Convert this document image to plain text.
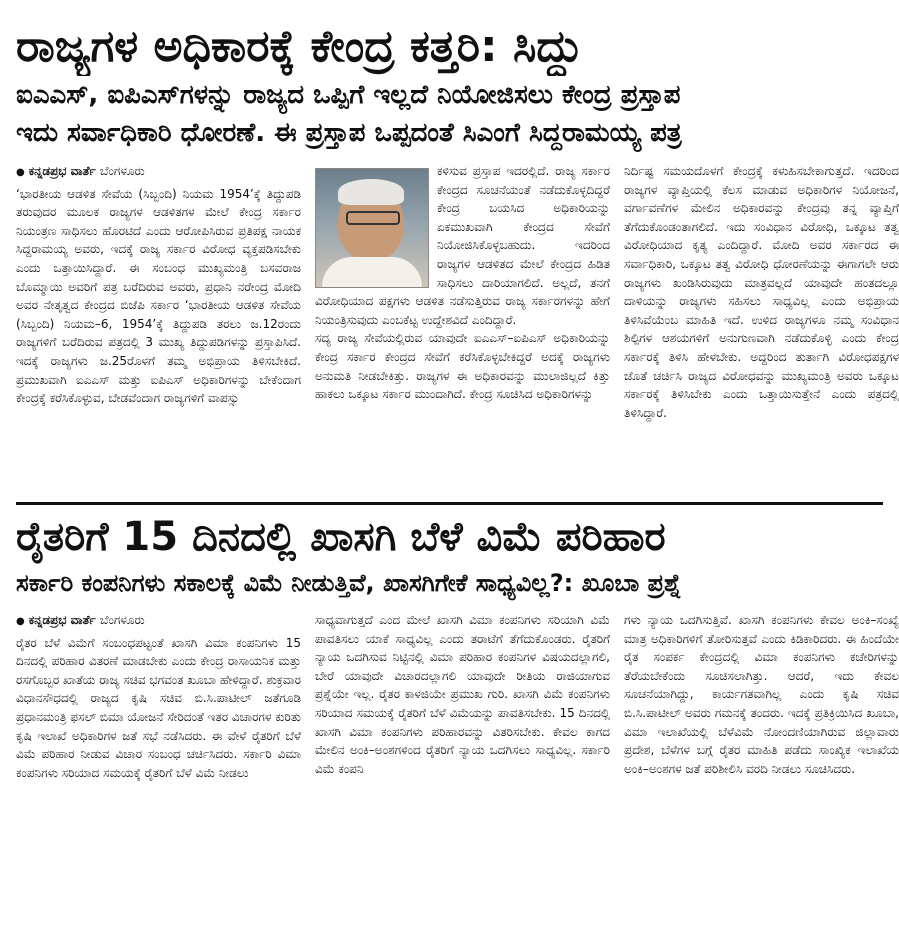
ರಾಜ್ಯಗಳ ಅಧಿಕಾರಕ್ಕೆ ಕೇಂದ್ರ ಕತ್ತರಿ: ಸಿದ್ದು
ಐಎಎಸ್, ಐಪಿಎಸ್‌ಗಳನ್ನು ರಾಜ್ಯದ ಒಪ್ಪಿಗೆ ಇಲ್ಲದೆ ನಿಯೋಜಿಸಲು ಕೇಂದ್ರ ಪ್ರಸ್ತಾಪ
ಇದು ಸರ್ವಾಧಿಕಾರಿ ಧೋರಣೆ. ಈ ಪ್ರಸ್ತಾಪ ಒಪ್ಪದಂತೆ ಸಿಎಂಗೆ ಸಿದ್ದರಾಮಯ್ಯ ಪತ್ರ
● ಕನ್ನಡಪ್ರಭ ವಾರ್ತೆ ಬೆಂಗಳೂರು

‘ಭಾರತೀಯ ಆಡಳಿತ ಸೇವೆಯ (ಸಿಬ್ಬಂದಿ) ನಿಯಮ 1954’ಕ್ಕೆ ತಿದ್ದುಪಡಿ ತರುವುದರ ಮೂಲಕ ರಾಜ್ಯಗಳ ಆಡಳಿತಗಳ ಮೇಲೆ ಕೇಂದ್ರ ಸರ್ಕಾರ ನಿಯಂತ್ರಣ ಸಾಧಿಸಲು ಹೊರಟಿದೆ ಎಂದು ಆರೋಪಿಸಿರುವ ಪ್ರತಿಪಕ್ಷ ನಾಯಕ ಸಿದ್ದರಾಮಯ್ಯ ಅವರು, ಇದಕ್ಕೆ ರಾಜ್ಯ ಸರ್ಕಾರ ವಿರೋಧ ವ್ಯಕ್ತಪಡಿಸಬೇಕು ಎಂದು ಒತ್ತಾಯಿಸಿದ್ದಾರೆ. ಈ ಸಂಬಂಧ ಮುಖ್ಯಮಂತ್ರಿ ಬಸವರಾಜ ಬೊಮ್ಮಾಯಿ ಅವರಿಗೆ ಪತ್ರ ಬರೆದಿರುವ ಅವರು, ಪ್ರಧಾನಿ ನರೇಂದ್ರ ಮೋದಿ ಅವರ ನೇತೃತ್ವದ ಕೇಂದ್ರದ ಬಿಜೆಪಿ ಸರ್ಕಾರ ‘ಭಾರತೀಯ ಆಡಳಿತ ಸೇವೆಯ (ಸಿಬ್ಬಂದಿ) ನಿಯಮ–6, 1954’ಕ್ಕೆ ತಿದ್ದುಪಡಿ ತರಲು ಜ.12ರಂದು ರಾಜ್ಯಗಳಿಗೆ ಬರೆದಿರುವ ಪತ್ರದಲ್ಲಿ 3 ಮುಖ್ಯ ತಿದ್ದುಪಡಿಗಳನ್ನು ಪ್ರಸ್ತಾಪಿಸಿದೆ. ಇದಕ್ಕೆ ರಾಜ್ಯಗಳು ಜ.25ರೊಳಗೆ ತಮ್ಮ ಅಭಿಪ್ರಾಯ ತಿಳಿಸಬೇಕಿದೆ. ಪ್ರಮುಖವಾಗಿ ಐಎಎಸ್ ಮತ್ತು ಐಪಿಎಸ್ ಅಧಿಕಾರಿಗಳನ್ನು ಬೇಕೆಂದಾಗ ಕೇಂದ್ರಕ್ಕೆ ಕರೆಸಿಕೊಳ್ಳುವ, ಬೇಡವೆಂದಾಗ ರಾಜ್ಯಗಳಿಗೆ ವಾಪಸ್ಸು

ಕಳಿಸುವ ಪ್ರಸ್ತಾಪ ಇದರಲ್ಲಿದೆ. ರಾಜ್ಯ ಸರ್ಕಾರ ಕೇಂದ್ರದ ಸೂಚನೆಯಂತೆ ನಡೆದುಕೊಳ್ಳದಿದ್ದರೆ ಕೇಂದ್ರ ಬಯಸಿದ ಅಧಿಕಾರಿಯನ್ನು ಏಕಮುಖವಾಗಿ ಕೇಂದ್ರದ ಸೇವೆಗೆ ನಿಯೋಜಿಸಿಕೊಳ್ಳಬಹುದು. ಇದರಿಂದ ರಾಜ್ಯಗಳ ಆಡಳಿತದ ಮೇಲೆ ಕೇಂದ್ರದ ಹಿಡಿತ ಸಾಧಿಸಲು ದಾರಿಯಾಗಲಿದೆ. ಅಲ್ಲದೆ, ತನಗೆ ವಿರೋಧಿಯಾದ ಪಕ್ಷಗಳು ಆಡಳಿತ ನಡೆಸುತ್ತಿರುವ ರಾಜ್ಯ ಸರ್ಕಾರಗಳನ್ನು ಹೇಗೆ ನಿಯಂತ್ರಿಸುವುದು ಎಂಬಕೆಟ್ಟ ಉದ್ದೇಶವಿದೆ ಎಂದಿದ್ದಾರೆ.

ಸದ್ಯ ರಾಜ್ಯ ಸೇವೆಯಲ್ಲಿರುವ ಯಾವುದೇ ಐಎಎಸ್–ಐಪಿಎಸ್ ಅಧಿಕಾರಿಯನ್ನು ಕೇಂದ್ರ ಸರ್ಕಾರ ಕೇಂದ್ರದ ಸೇವೆಗೆ ಕರೆಸಿಕೊಳ್ಳಬೇಕಿದ್ದರೆ ಅದಕ್ಕೆ ರಾಜ್ಯಗಳು ಅನುಮತಿ ನೀಡಬೇಕಿತ್ತು. ರಾಜ್ಯಗಳ ಈ ಅಧಿಕಾರವನ್ನು ಮುಲಾಜಿಲ್ಲದೆ ಕಿತ್ತು ಹಾಕಲು ಒಕ್ಕೂಟ ಸರ್ಕಾರ ಮುಂದಾಗಿದೆ. ಕೇಂದ್ರ ಸೂಚಿಸಿದ ಅಧಿಕಾರಿಗಳನ್ನು

ನಿರ್ದಿಷ್ಟ ಸಮಯದೊಳಗೆ ಕೇಂದ್ರಕ್ಕೆ ಕಳುಹಿಸಬೇಕಾಗುತ್ತದೆ. ಇದರಿಂದ ರಾಜ್ಯಗಳ ವ್ಯಾಪ್ತಿಯಲ್ಲಿ ಕೆಲಸ ಮಾಡುವ ಅಧಿಕಾರಿಗಳ ನಿಯೋಜನೆ, ವರ್ಗಾವಣೆಗಳ ಮೇಲಿನ ಅಧಿಕಾರವನ್ನು ಕೇಂದ್ರವು ತನ್ನ ವ್ಯಾಪ್ತಿಗೆ ತೆಗೆದುಕೊಂಡಂತಾಗಲಿದೆ. ಇದು ಸಂವಿಧಾನ ವಿರೋಧಿ, ಒಕ್ಕೂಟ ತತ್ವ ವಿರೋಧಿಯಾದ ಕೃತ್ಯ ಎಂದಿದ್ದಾರೆ. ಮೋದಿ ಅವರ ಸರ್ಕಾರದ ಈ ಸರ್ವಾಧಿಕಾರಿ, ಒಕ್ಕೂಟ ತತ್ವ ವಿರೋಧಿ ಧೋರಣೆಯನ್ನು ಈಗಾಗಲೇ ಆರು ರಾಜ್ಯಗಳು ಖಂಡಿಸಿರುವುದು ಮಾತ್ರವಲ್ಲದೆ ಯಾವುದೇ ಹಂತದಲ್ಲೂ ದಾಳಿಯನ್ನು ರಾಜ್ಯಗಳು ಸಹಿಸಲು ಸಾಧ್ಯವಿಲ್ಲ ಎಂದು ಅಭಿಪ್ರಾಯ ತಿಳಿಸಿವೆಯೆಂಬ ಮಾಹಿತಿ ಇದೆ. ಉಳಿದ ರಾಜ್ಯಗಳೂ ನಮ್ಮ ಸಂವಿಧಾನ ಶಿಲ್ಪಿಗಳ ಆಶಯಗಳಿಗೆ ಅನುಗುಣವಾಗಿ ನಡೆದುಕೊಳ್ಳಿ ಎಂದು ಕೇಂದ್ರ ಸರ್ಕಾರಕ್ಕೆ ತಿಳಿಸಿ ಹೇಳಬೇಕು. ಅದ್ದರಿಂದ ತುರ್ತಾಗಿ ವಿರೋಧಪಕ್ಷಗಳ ಜೊತೆ ಚರ್ಚಿಸಿ ರಾಜ್ಯದ ವಿರೋಧವನ್ನು ಮುಖ್ಯಮಂತ್ರಿ ಅವರು ಒಕ್ಕೂಟ ಸರ್ಕಾರಕ್ಕೆ ತಿಳಿಸಿಬೇಕು ಎಂದು ಒತ್ತಾಯಿಸುತ್ತೇನೆ ಎಂದು ಪತ್ರದಲ್ಲಿ ತಿಳಿಸಿದ್ದಾರೆ.

ರೈತರಿಗೆ 15 ದಿನದಲ್ಲಿ ಖಾಸಗಿ ಬೆಳೆ ವಿಮೆ ಪರಿಹಾರ
ಸರ್ಕಾರಿ ಕಂಪನಿಗಳು ಸಕಾಲಕ್ಕೆ ವಿಮೆ ನೀಡುತ್ತಿವೆ, ಖಾಸಗಿಗೇಕೆ ಸಾಧ್ಯವಿಲ್ಲ?: ಖೂಬಾ ಪ್ರಶ್ನೆ
● ಕನ್ನಡಪ್ರಭ ವಾರ್ತೆ ಬೆಂಗಳೂರು

ರೈತರ ಬೆಳೆ ವಿಮೆಗೆ ಸಂಬಂಧಪಟ್ಟಂತೆ ಖಾಸಗಿ ವಿಮಾ ಕಂಪನಿಗಳು 15 ದಿನದಲ್ಲಿ ಪರಿಹಾರ ವಿತರಣೆ ಮಾಡಬೇಕು ಎಂದು ಕೇಂದ್ರ ರಾಸಾಯನಿಕ ಮತ್ತು ರಸಗೊಬ್ಬರ ಖಾತೆಯ ರಾಜ್ಯ ಸಚಿವ ಭಗವಂತ ಖೂಬಾ ಹೇಳಿದ್ದಾರೆ. ಶುಕ್ರವಾರ ವಿಧಾನಸೌಧದಲ್ಲಿ ರಾಜ್ಯದ ಕೃಷಿ ಸಚಿವ ಬಿ.ಸಿ.ಪಾಟೀಲ್ ಜತೆಗೂಡಿ ಪ್ರಧಾನಮಂತ್ರಿ ಫಸಲ್ ಬಿಮಾ ಯೋಜನೆ ಸೇರಿದಂತೆ ಇತರ ವಿಚಾರಗಳ ಕುರಿತು ಕೃಷಿ ಇಲಾಖೆ ಅಧಿಕಾರಿಗಳ ಜತೆ ಸಭೆ ನಡೆಸಿದರು. ಈ ವೇಳೆ ರೈತರಿಗೆ ಬೆಳೆ ವಿಮೆ ಪರಿಹಾರ ನೀಡುವ ವಿಚಾರ ಸಂಬಂಧ ಚರ್ಚಿಸಿದರು. ಸರ್ಕಾರಿ ವಿಮಾ ಕಂಪನಿಗಳು ಸರಿಯಾದ ಸಮಯಕ್ಕೆ ರೈತರಿಗೆ ಬೆಳೆ ವಿಮೆ ನೀಡಲು

ಸಾಧ್ಯವಾಗುತ್ತದೆ ಎಂದ ಮೇಲೆ ಖಾಸಗಿ ವಿಮಾ ಕಂಪನಿಗಳು ಸರಿಯಾಗಿ ವಿಮೆ ಪಾವತಿಸಲು ಯಾಕೆ ಸಾಧ್ಯವಿಲ್ಲ ಎಂದು ತರಾಟೆಗೆ ತೆಗೆದುಕೊಂಡರು. ರೈತರಿಗೆ ನ್ಯಾಯ ಒದಗಿಸುವ ನಿಟ್ಟಿನಲ್ಲಿ ವಿಮಾ ಪರಿಹಾರ ಕಂಪನಿಗಳ ವಿಷಯದಲ್ಲಾಗಲಿ, ಬೇರೆ ಯಾವುದೇ ವಿಚಾರದಲ್ಲಾಗಲಿ ಯಾವುದೇ ರೀತಿಯ ರಾಜಿಯಾಗುವ ಪ್ರಶ್ನೆಯೇ ಇಲ್ಲ. ರೈತರ ಕಾಳಜಿಯೇ ಪ್ರಮುಖ ಗುರಿ. ಖಾಸಗಿ ವಿಮೆ ಕಂಪನಿಗಳು ಸರಿಯಾದ ಸಮಯಕ್ಕೆ ರೈತರಿಗೆ ಬೆಳೆ ವಿಮೆಯನ್ನು ಪಾವತಿಸಬೇಕು. 15 ದಿನದಲ್ಲಿ ಖಾಸಗಿ ವಿಮಾ ಕಂಪನಿಗಳು ಪರಿಹಾರವನ್ನು ವಿತರಿಸಬೇಕು. ಕೇವಲ ಕಾಗದ ಮೇಲಿನ ಅಂಕಿ–ಅಂಶಗಳಿಂದ ರೈತರಿಗೆ ನ್ಯಾಯ ಒದಗಿಸಲು ಸಾಧ್ಯವಿಲ್ಲ. ಸರ್ಕಾರಿ ವಿಮೆ ಕಂಪನಿ

ಗಳು ನ್ಯಾಯ ಒದಗಿಸುತ್ತಿವೆ. ಖಾಸಗಿ ಕಂಪನಿಗಳು ಕೇವಲ ಅಂಕಿ–ಸಂಖ್ಯೆ ಮಾತ್ರ ಅಧಿಕಾರಿಗಳಿಗೆ ತೋರಿಸುತ್ತವೆ ಎಂದು ಕಿಡಿಕಾರಿದರು. ಈ ಹಿಂದೆಯೇ ರೈತ ಸಂಪರ್ಕ ಕೇಂದ್ರದಲ್ಲಿ ವಿಮಾ ಕಂಪನಿಗಳು ಕಚೇರಿಗಳನ್ನು ತೆರೆಯಬೇಕೆಂದು ಸೂಚಿಸಲಾಗಿತ್ತು. ಆದರೆ, ಇದು ಕೇವಲ ಸೂಚನೆಯಾಗಿದ್ದು, ಕಾರ್ಯಗತವಾಗಿಲ್ಲ ಎಂದು ಕೃಷಿ ಸಚಿವ ಬಿ.ಸಿ.ಪಾಟೀಲ್ ಅವರು ಗಮನಕ್ಕೆ ತಂದರು. ಇದಕ್ಕೆ ಪ್ರತಿಕ್ರಿಯಿಸಿದ ಖೂಬಾ, ವಿಮಾ ಇಲಾಖೆಯಲ್ಲಿ ಬೆಳೆವಿಮೆ ನೋಂದಣಿಯಾಗಿರುವ ಜಿಲ್ಲಾವಾರು ಪ್ರದೇಶ, ಬೆಳೆಗಳ ಬಗ್ಗೆ ರೈತರ ಮಾಹಿತಿ ಪಡೆದು ಸಾಂಖ್ಯಿಕ ಇಲಾಖೆಯ ಅಂಕಿ–ಅಂಶಗಳ ಜತೆ ಪರಿಶೀಲಿಸಿ ವರದಿ ನೀಡಲು ಸೂಚಿಸಿದರು.
